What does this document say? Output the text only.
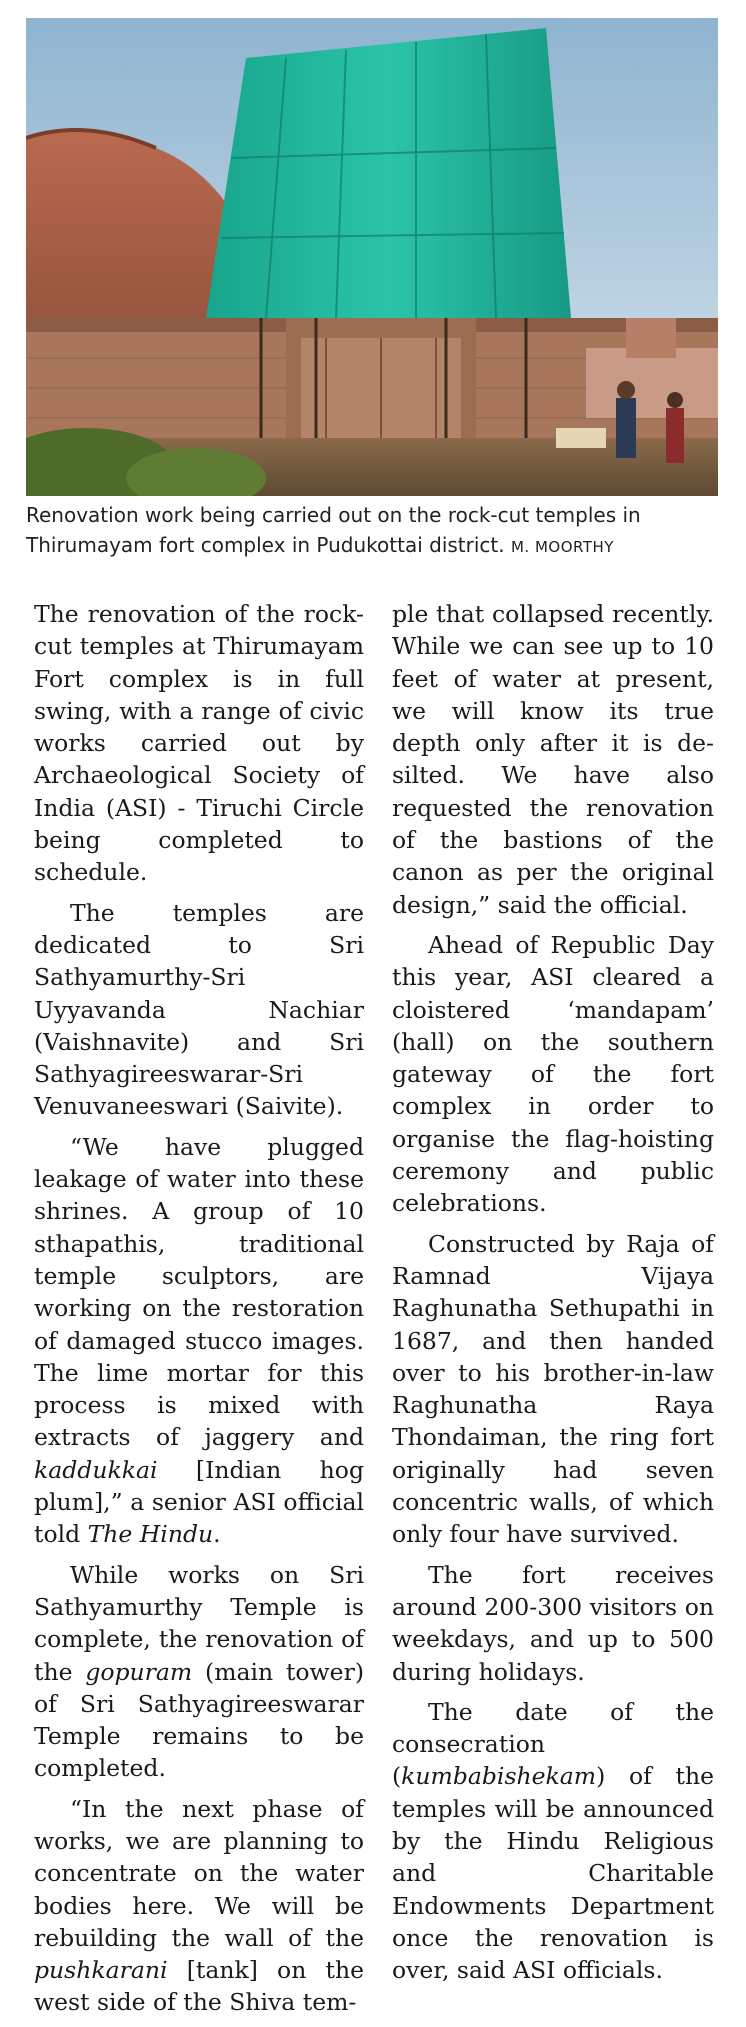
Renovation work being carried out on the rock-cut temples in Thirumayam fort complex in Pudukottai district. M. MOORTHY

The renovation of the rock-cut temples at Thirumayam Fort complex is in full swing, with a range of civic works carried out by Archaeological Society of India (ASI) - Tiruchi Circle being completed to schedule.

The temples are dedicated to Sri Sathyamurthy-Sri Uyyavanda Nachiar (Vaishnavite) and Sri Sathyagireeswarar-Sri Venuvaneeswari (Saivite).

“We have plugged leakage of water into these shrines. A group of 10 sthapathis, traditional temple sculptors, are working on the restoration of damaged stucco images. The lime mortar for this process is mixed with extracts of jaggery and kaddukkai [Indian hog plum],” a senior ASI official told The Hindu.

While works on Sri Sathyamurthy Temple is complete, the renovation of the gopuram (main tower) of Sri Sathyagireeswarar Temple remains to be completed.

“In the next phase of works, we are planning to concentrate on the water bodies here. We will be rebuilding the wall of the pushkarani [tank] on the west side of the Shiva tem-

ple that collapsed recently. While we can see up to 10 feet of water at present, we will know its true depth only after it is de-silted. We have also requested the renovation of the bastions of the canon as per the original design,” said the official.

Ahead of Republic Day this year, ASI cleared a cloistered ‘mandapam’ (hall) on the southern gateway of the fort complex in order to organise the flag-hoisting ceremony and public celebrations.

Constructed by Raja of Ramnad Vijaya Raghunatha Sethupathi in 1687, and then handed over to his brother-in-law Raghunatha Raya Thondaiman, the ring fort originally had seven concentric walls, of which only four have survived.

The fort receives around 200-300 visitors on weekdays, and up to 500 during holidays.

The date of the consecration (kumbabishekam) of the temples will be announced by the Hindu Religious and Charitable Endowments Department once the renovation is over, said ASI officials.
